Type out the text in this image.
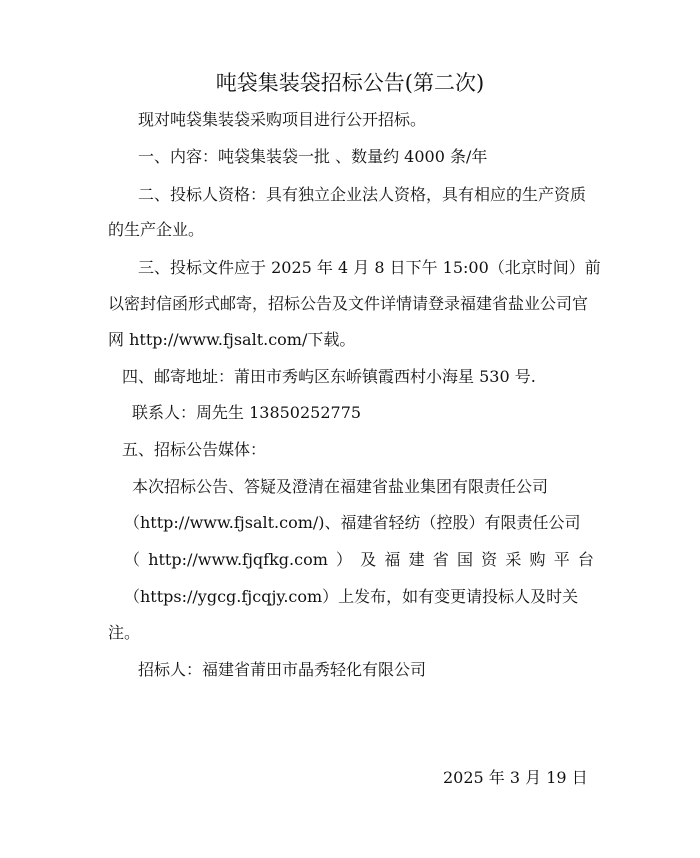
吨袋集装袋招标公告(第二次)
现对吨袋集装袋采购项目进行公开招标。
一、内容：吨袋集装袋一批 、数量约 4000 条/年
二、投标人资格：具有独立企业法人资格，具有相应的生产资质
的生产企业。
三、投标文件应于 2025 年 4 月 8 日下午 15:00（北京时间）前
以密封信函形式邮寄，招标公告及文件详情请登录福建省盐业公司官
网 http://www.fjsalt.com/下载。
四、邮寄地址：莆田市秀屿区东峤镇霞西村小海星 530 号.
联系人：周先生 13850252775
五、招标公告媒体：
本次招标公告、答疑及澄清在福建省盐业集团有限责任公司
（http://www.fjsalt.com/)、福建省轻纺（控股）有限责任公司
（ http://www.fjqfkg.com ） 及 福 建 省 国 资 采 购 平 台
（https://ygcg.fjcqjy.com）上发布，如有变更请投标人及时关
注。
招标人：福建省莆田市晶秀轻化有限公司
2025 年 3 月 19 日
